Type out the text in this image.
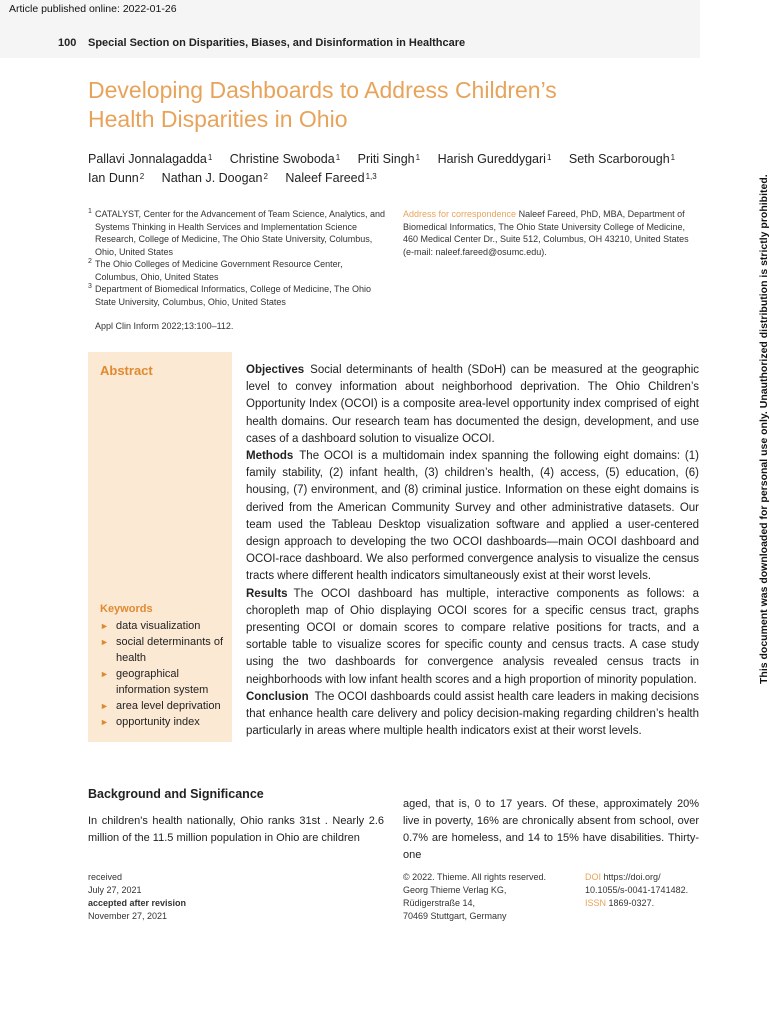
Article published online: 2022-01-26
100 Special Section on Disparities, Biases, and Disinformation in Healthcare
Developing Dashboards to Address Children’s
Health Disparities in Ohio
Pallavi Jonnalagadda$^1$ Christine Swoboda$^1$ Priti Singh$^1$ Harish Gureddygari$^1$ Seth Scarborough$^1$
Ian Dunn$^2$ Nathan J. Doogan$^2$ Naleef Fareed$^{1,3}$
1 CATALYST, Center for the Advancement of Team Science, Analytics, and Systems Thinking in Health Services and Implementation Science Research, College of Medicine, The Ohio State University, Columbus, Ohio, United States
2 The Ohio Colleges of Medicine Government Resource Center, Columbus, Ohio, United States
3 Department of Biomedical Informatics, College of Medicine, The Ohio State University, Columbus, Ohio, United States
Address for correspondence Naleef Fareed, PhD, MBA, Department of Biomedical Informatics, The Ohio State University College of Medicine, 460 Medical Center Dr., Suite 512, Columbus, OH 43210, United States (e-mail: naleef.fareed@osumc.edu).
Appl Clin Inform 2022;13:100–112.
Abstract
Keywords
► data visualization
► social determinants of health
► geographical information system
► area level deprivation
► opportunity index

Objectives Social determinants of health (SDoH) can be measured at the geographic level to convey information about neighborhood deprivation. The Ohio Children’s Opportunity Index (OCOI) is a composite area-level opportunity index comprised of eight health domains. Our research team has documented the design, development, and use cases of a dashboard solution to visualize OCOI.

Methods The OCOI is a multidomain index spanning the following eight domains: (1) family stability, (2) infant health, (3) children’s health, (4) access, (5) education, (6) housing, (7) environment, and (8) criminal justice. Information on these eight domains is derived from the American Community Survey and other administrative datasets. Our team used the Tableau Desktop visualization software and applied a user-centered design approach to developing the two OCOI dashboards—main OCOI dashboard and OCOI-race dashboard. We also performed convergence analysis to visualize the census tracts where different health indicators simultaneously exist at their worst levels.

Results The OCOI dashboard has multiple, interactive components as follows: a choropleth map of Ohio displaying OCOI scores for a specific census tract, graphs presenting OCOI or domain scores to compare relative positions for tracts, and a sortable table to visualize scores for specific county and census tracts. A case study using the two dashboards for convergence analysis revealed census tracts in neighborhoods with low infant health scores and a high proportion of minority population.

Conclusion The OCOI dashboards could assist health care leaders in making decisions that enhance health care delivery and policy decision-making regarding children’s health particularly in areas where multiple health indicators exist at their worst levels.

Background and Significance
In children's health nationally, Ohio ranks 31st . Nearly 2.6 million of the 11.5 million population in Ohio are children
aged, that is, 0 to 17 years. Of these, approximately 20% live in poverty, 16% are chronically absent from school, over 0.7% are homeless, and 14 to 15% have disabilities. Thirty-one
received
July 27, 2021
accepted after revision
November 27, 2021
© 2022. Thieme. All rights reserved.
Georg Thieme Verlag KG,
Rüdigerstraße 14,
70469 Stuttgart, Germany
DOI https://doi.org/
10.1055/s-0041-1741482.
ISSN 1869-0327.
This document was downloaded for personal use only. Unauthorized distribution is strictly prohibited.
